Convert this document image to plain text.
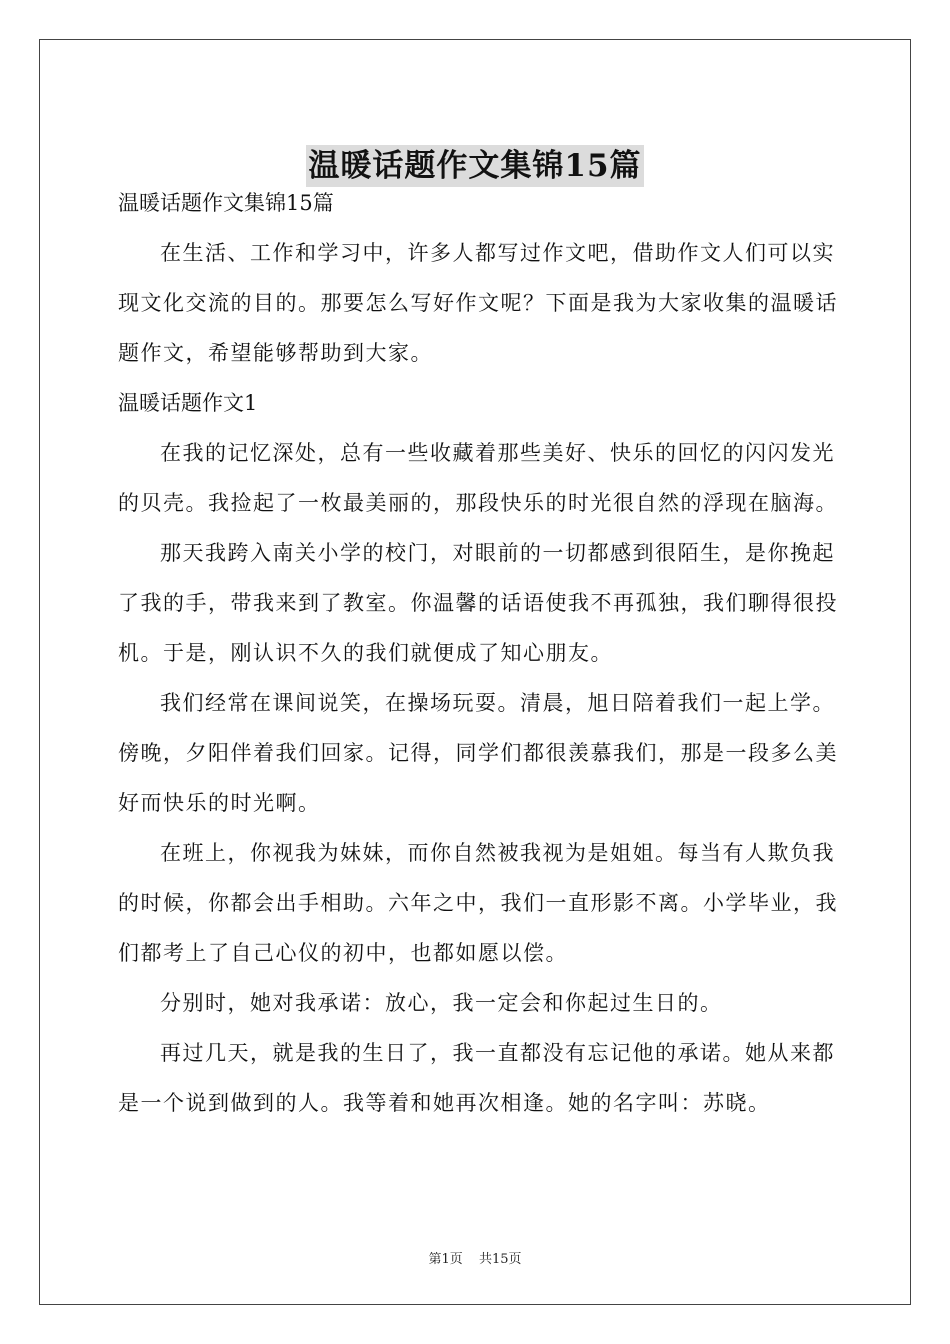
温暖话题作文集锦15篇

温暖话题作文集锦15篇

在生活、工作和学习中，许多人都写过作文吧，借助作文人们可以实现文化交流的目的。那要怎么写好作文呢？下面是我为大家收集的温暖话题作文，希望能够帮助到大家。

温暖话题作文1

在我的记忆深处，总有一些收藏着那些美好、快乐的回忆的闪闪发光的贝壳。我捡起了一枚最美丽的，那段快乐的时光很自然的浮现在脑海。

那天我跨入南关小学的校门，对眼前的一切都感到很陌生，是你挽起了我的手，带我来到了教室。你温馨的话语使我不再孤独，我们聊得很投机。于是，刚认识不久的我们就便成了知心朋友。

我们经常在课间说笑，在操场玩耍。清晨，旭日陪着我们一起上学。傍晚，夕阳伴着我们回家。记得，同学们都很羡慕我们，那是一段多么美好而快乐的时光啊。

在班上，你视我为妹妹，而你自然被我视为是姐姐。每当有人欺负我的时候，你都会出手相助。六年之中，我们一直形影不离。小学毕业，我们都考上了自己心仪的初中，也都如愿以偿。

分别时，她对我承诺：放心，我一定会和你起过生日的。

再过几天，就是我的生日了，我一直都没有忘记他的承诺。她从来都是一个说到做到的人。我等着和她再次相逢。她的名字叫：苏晓。

第1页 共15页
